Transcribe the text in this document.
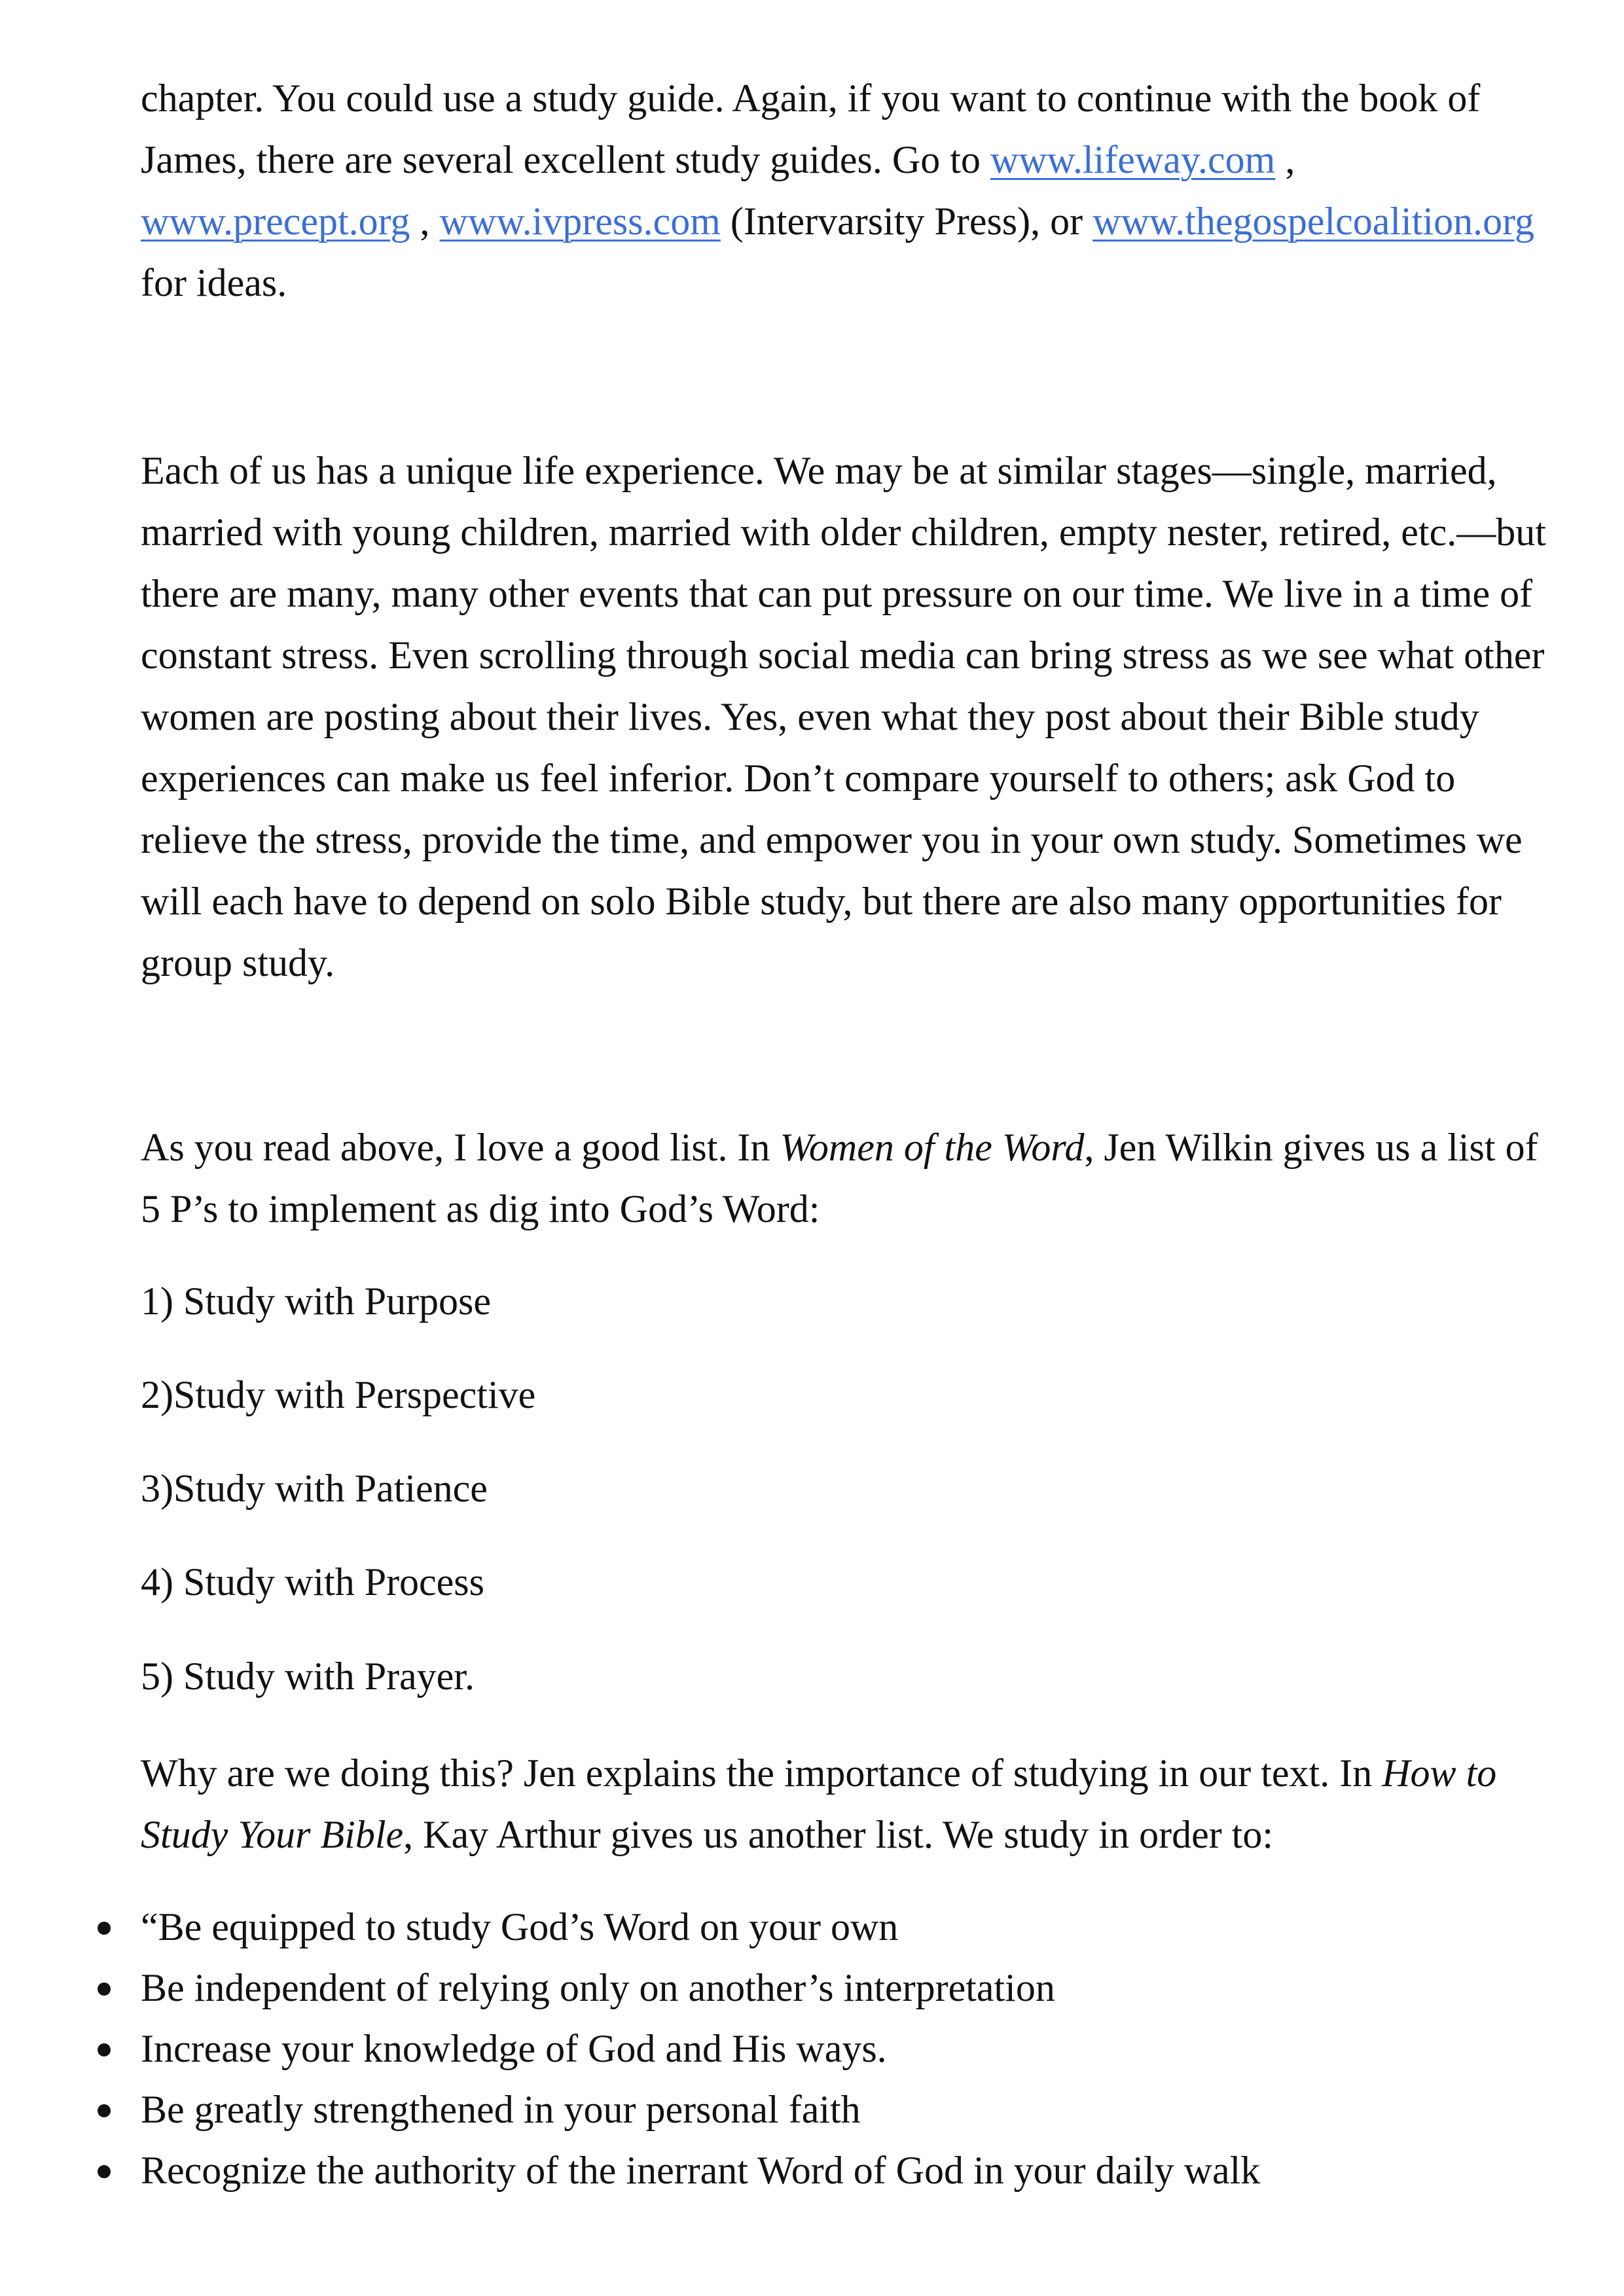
chapter. You could use a study guide. Again, if you want to continue with the book of James, there are several excellent study guides. Go to www.lifeway.com , www.precept.org , www.ivpress.com (Intervarsity Press), or www.thegospelcoalition.org for ideas.

Each of us has a unique life experience. We may be at similar stages—single, married, married with young children, married with older children, empty nester, retired, etc.—but there are many, many other events that can put pressure on our time. We live in a time of constant stress. Even scrolling through social media can bring stress as we see what other women are posting about their lives. Yes, even what they post about their Bible study experiences can make us feel inferior. Don’t compare yourself to others; ask God to relieve the stress, provide the time, and empower you in your own study. Sometimes we will each have to depend on solo Bible study, but there are also many opportunities for group study.

As you read above, I love a good list. In Women of the Word, Jen Wilkin gives us a list of 5 P’s to implement as dig into God’s Word:

1) Study with Purpose

2)Study with Perspective

3)Study with Patience

4) Study with Process

5) Study with Prayer.

Why are we doing this? Jen explains the importance of studying in our text. In How to Study Your Bible, Kay Arthur gives us another list. We study in order to:

“Be equipped to study God’s Word on your own
Be independent of relying only on another’s interpretation
Increase your knowledge of God and His ways.
Be greatly strengthened in your personal faith
Recognize the authority of the inerrant Word of God in your daily walk
